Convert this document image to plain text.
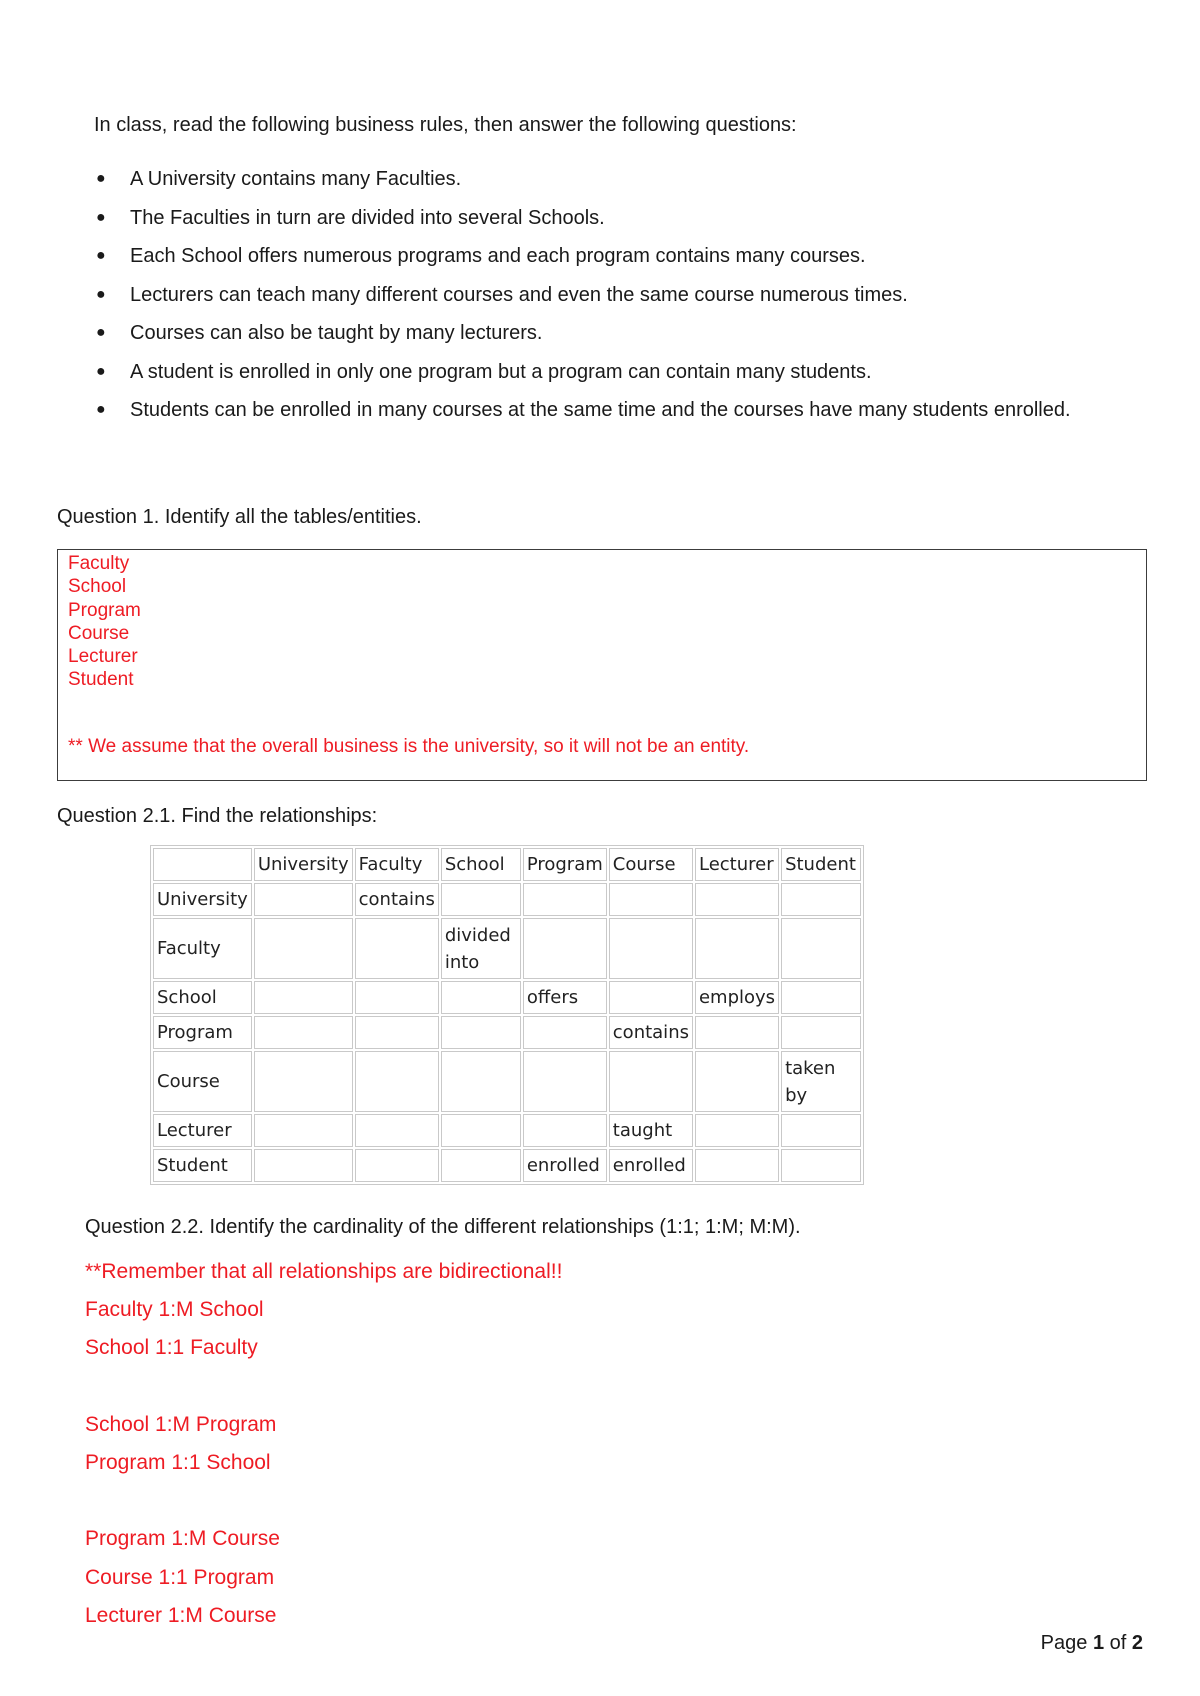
In class, read the following business rules, then answer the following questions:

● A University contains many Faculties.
● The Faculties in turn are divided into several Schools.
● Each School offers numerous programs and each program contains many courses.
● Lecturers can teach many different courses and even the same course numerous times.
● Courses can also be taught by many lecturers.
● A student is enrolled in only one program but a program can contain many students.
● Students can be enrolled in many courses at the same time and the courses have many students enrolled.

Question 1. Identify all the tables/entities.

Faculty
School
Program
Course
Lecturer
Student

** We assume that the overall business is the university, so it will not be an entity.

Question 2.1. Find the relationships:

	University	Faculty	School	Program	Course	Lecturer	Student
University		contains					
Faculty			divided into				
School				offers		employs	
Program					contains		
Course							taken by
Lecturer					taught		
Student				enrolled	enrolled		

Question 2.2. Identify the cardinality of the different relationships (1:1; 1:M; M:M).

**Remember that all relationships are bidirectional!!
Faculty 1:M School
School 1:1 Faculty
School 1:M Program
Program 1:1 School
Program 1:M Course
Course 1:1 Program
Lecturer 1:M Course

Page 1 of 2
